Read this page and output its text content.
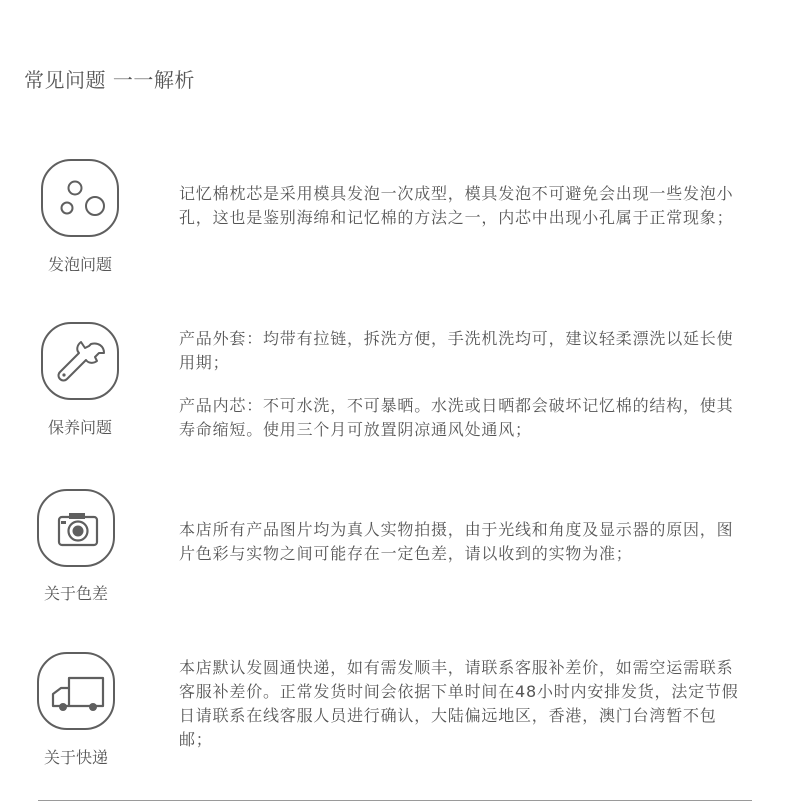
常见问题 一一解析
发泡问题

记忆棉枕芯是采用模具发泡一次成型，模具发泡不可避免会出现一些发泡小孔，这也是鉴别海绵和记忆棉的方法之一，内芯中出现小孔属于正常现象；

保养问题

产品外套：均带有拉链，拆洗方便，手洗机洗均可，建议轻柔漂洗以延长使用期；

产品内芯：不可水洗，不可暴晒。水洗或日晒都会破坏记忆棉的结构，使其寿命缩短。使用三个月可放置阴凉通风处通风；

关于色差

本店所有产品图片均为真人实物拍摄，由于光线和角度及显示器的原因，图片色彩与实物之间可能存在一定色差，请以收到的实物为准；

关于快递

本店默认发圆通快递，如有需发顺丰，请联系客服补差价，如需空运需联系客服补差价。正常发货时间会依据下单时间在48小时内安排发货，法定节假日请联系在线客服人员进行确认，大陆偏远地区，香港，澳门台湾暂不包邮；
